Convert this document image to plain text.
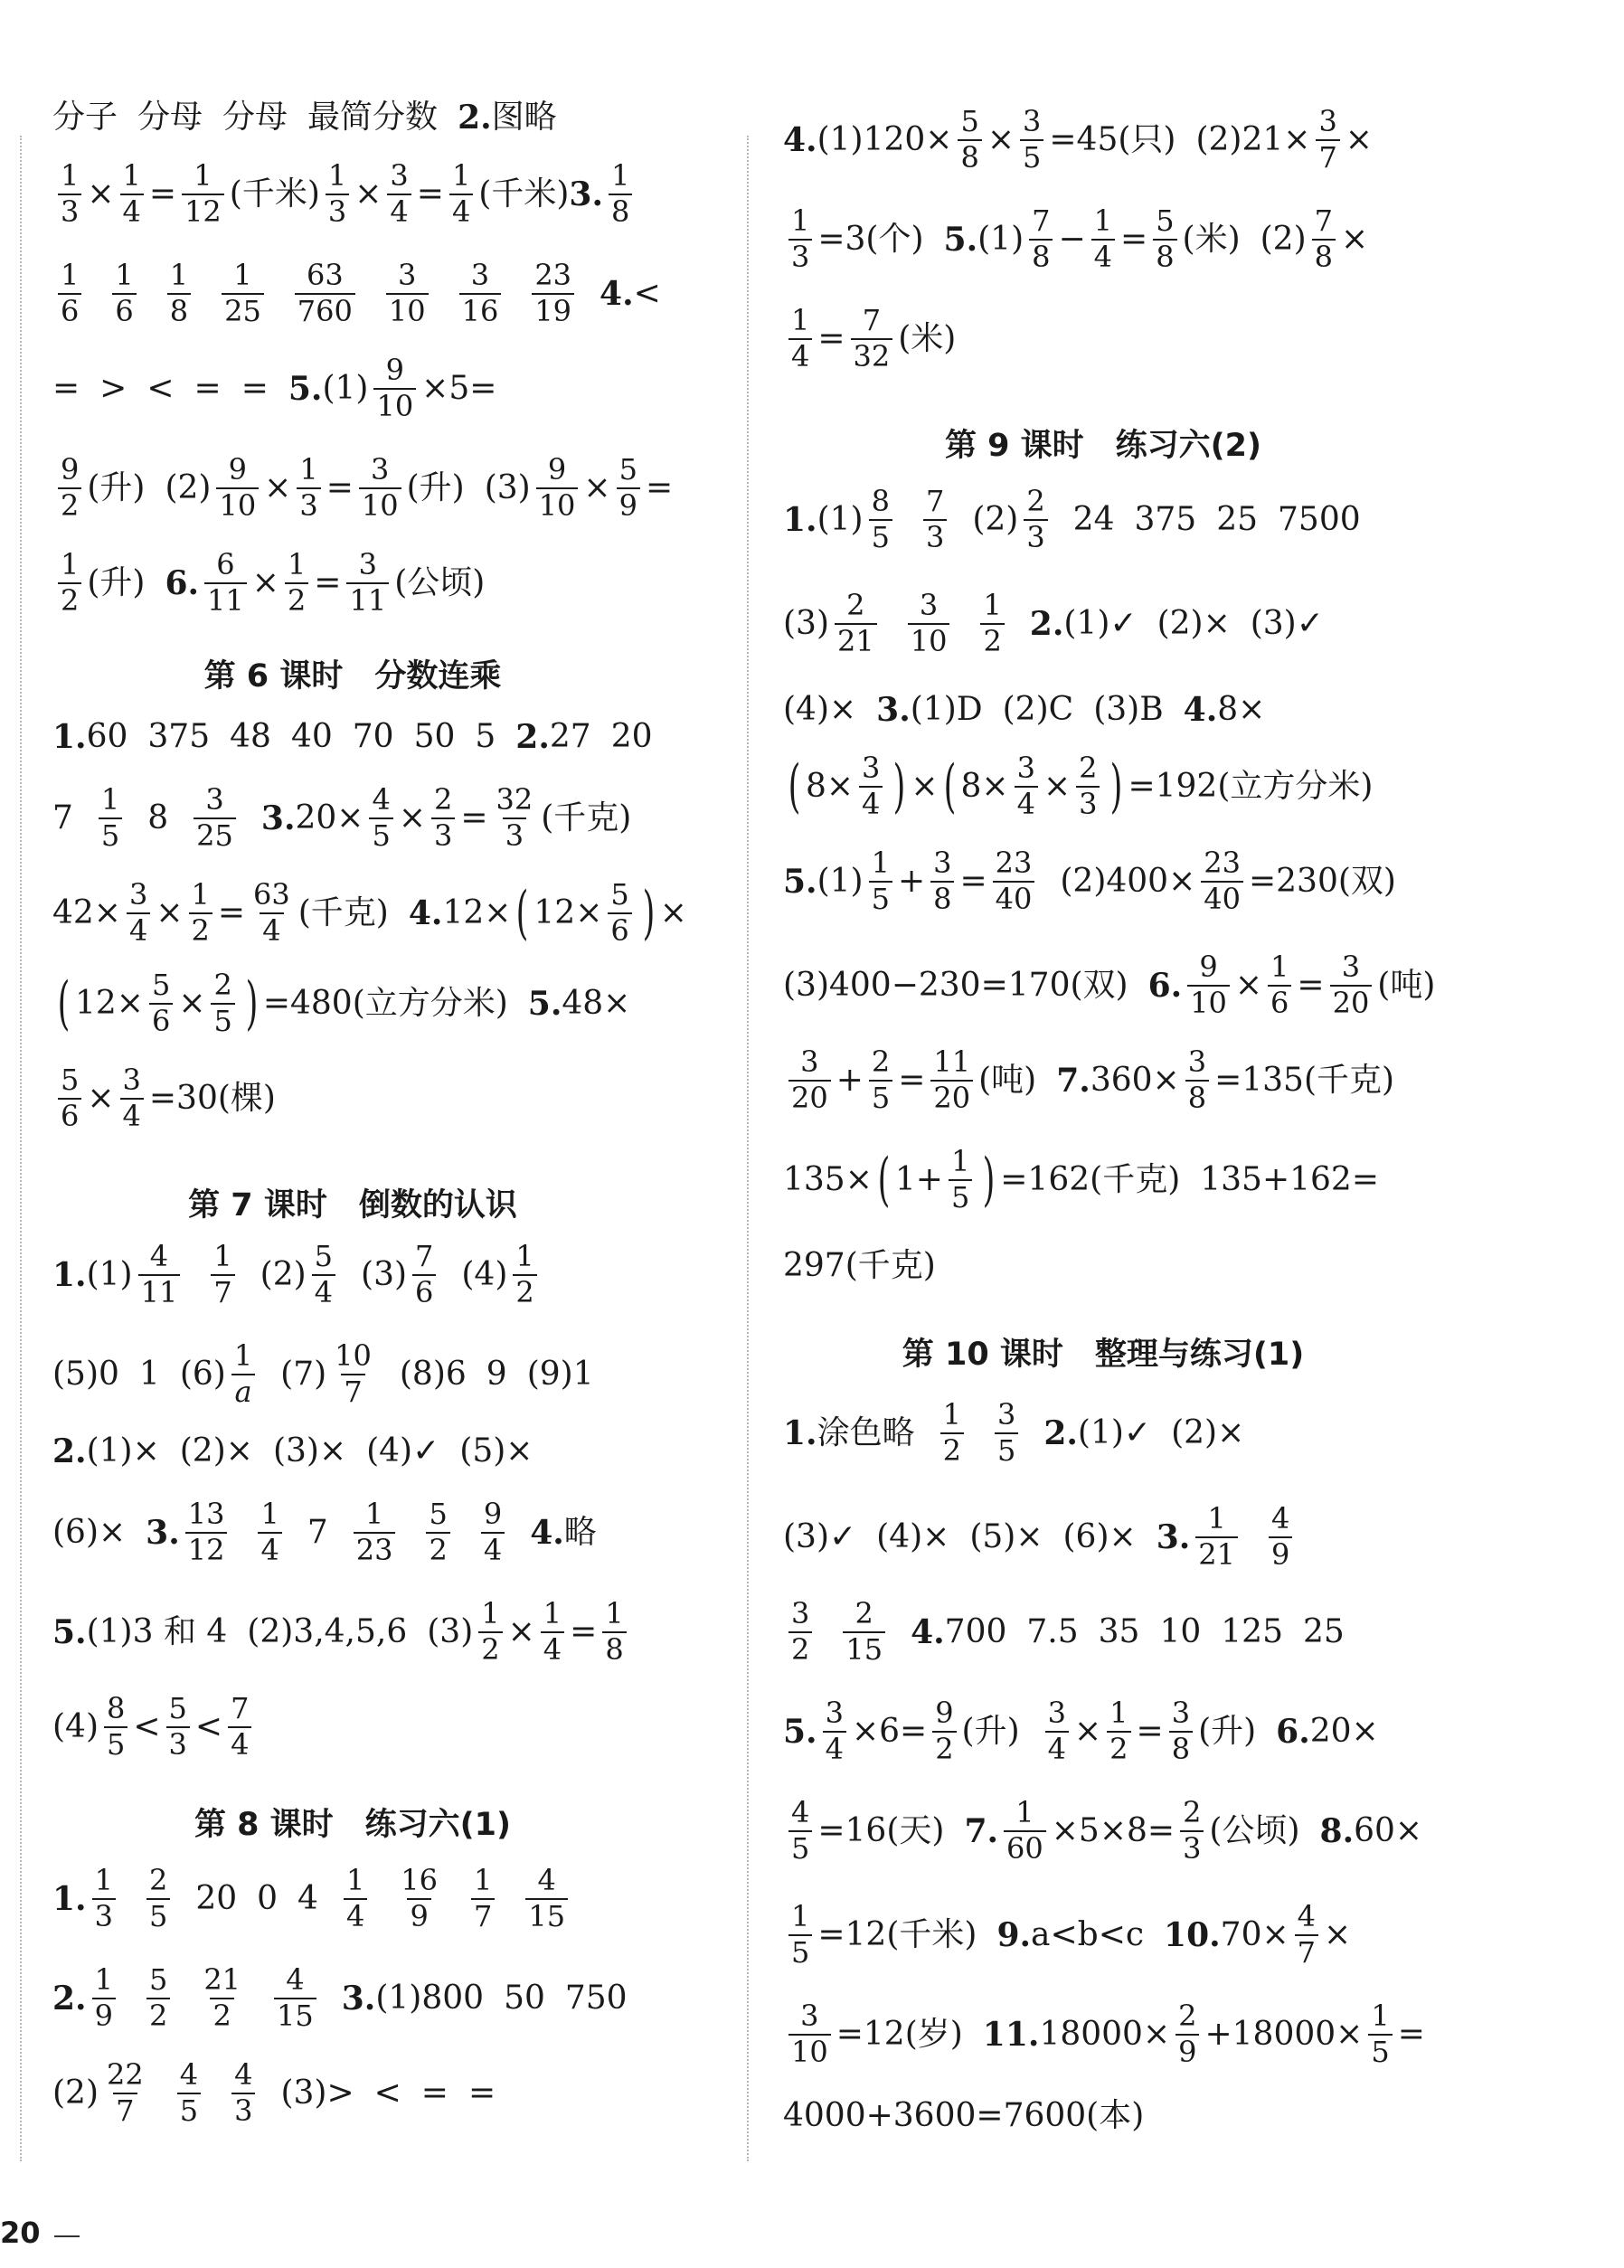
分子 分母 分母 最简分数 2. 图略
$\frac{1}{3} \times \frac{1}{4} = \frac{1}{12}$ (千米) $\frac{1}{3} \times \frac{3}{4} = \frac{1}{4}$ (千米) 3. $\frac{1}{8}$
$\frac{1}{6} \frac{1}{6} \frac{1}{8} \frac{1}{25} \frac{63}{760} \frac{3}{10} \frac{3}{16} \frac{23}{19} 4$. <
= > < = = 5. $(1) \frac{9}{10} \times 5=$
$\frac{9}{2}$ (升) $(2) \frac{9}{10} \times \frac{1}{3} = \frac{3}{10}$ (升) $(3) \frac{9}{10} \times \frac{5}{9}$ =
$\frac{1}{2}$ (升) 6. $\frac{6}{11} \times \frac{1}{2} = \frac{3}{11}$ (公顷)
1. 60 375 48 40 70 50 5 2. 27 20
$7 \frac{1}{5} 8 \frac{3}{25} 3$. $20\times \frac{4}{5} \times \frac{2}{3} = \frac{32}{3}$ (千克)
$42\times \frac{3}{4} \times \frac{1}{2} = \frac{63}{4}$ (千克) 4. 12× ( $12\times \frac{5}{6}$ ) ×
( $12\times \frac{5}{6} \times \frac{2}{5}$ ) =480(立方分米) 5. 48×
$\frac{5}{6} \times \frac{3}{4} =30$(棵)
1. $(1) \frac{4}{11} \frac{1}{7} (2) \frac{5}{4} (3) \frac{7}{6} (4) \frac{1}{2}$
(5) 0 1 $(6) \frac{1}{a} (7) \frac{10}{7} (8)$ 6 9 (9) 1
2. (1) × (2) × (3) × (4) ✓ (5) ×
(6) × 3. $\frac{13}{12} \frac{1}{4} 7 \frac{1}{23} \frac{5}{2} \frac{9}{4} 4$. 略
5. (1) 3 和 4 (2) 3,4,5,6 $(3) \frac{1}{2} \times \frac{1}{4} = \frac{1}{8}$
$(4) \frac{8}{5} < \frac{5}{3} < \frac{7}{4}$
1. $\frac{1}{3} \frac{2}{5} 20$ 0 $4 \frac{1}{4} \frac{16}{9} \frac{1}{7} \frac{4}{15}$
2. $\frac{1}{9} \frac{5}{2} \frac{21}{2} \frac{4}{15} 3$. (1) 800 50 750
$(2) \frac{22}{7} \frac{4}{5} \frac{4}{3} (3)$ > < = =
4. (1) $120\times \frac{5}{8} \times \frac{3}{5} =45$(只) (2) $21\times \frac{3}{7}$ ×
$\frac{1}{3} =3$(个) 5. $(1) \frac{7}{8} - \frac{1}{4} = \frac{5}{8}$ (米) $(2) \frac{7}{8}$ ×
$\frac{1}{4} = \frac{7}{32}$ (米)
1. $(1) \frac{8}{5} \frac{7}{3} (2) \frac{2}{3} 24$ 375 25 7500
$(3) \frac{2}{21} \frac{3}{10} \frac{1}{2} 2$. (1) ✓ (2) × (3) ✓
(4) × 3. (1) D (2) C (3) B 4. 8×
( $8\times \frac{3}{4}$ ) × ( $8\times \frac{3}{4} \times \frac{2}{3}$ ) =192(立方分米)
5. $(1) \frac{1}{5} + \frac{3}{8} = \frac{23}{40} (2)$ $400\times \frac{23}{40} =230$(双)
(3) 400−230=170(双) 6. $\frac{9}{10} \times \frac{1}{6} = \frac{3}{20}$ (吨)
$\frac{3}{20} + \frac{2}{5} = \frac{11}{20}$ (吨) 7. $360\times \frac{3}{8} =135$(千克)
135× ( $1+ \frac{1}{5}$ ) =162(千克) 135+162=
297(千克)
1. 涂色略 $\frac{1}{2} \frac{3}{5} 2$. (1) ✓ (2) ×
(3) ✓ (4) × (5) × (6) × 3. $\frac{1}{21} \frac{4}{9}$
$\frac{3}{2} \frac{2}{15} 4$. 700 7.5 35 10 125 25
5. $\frac{3}{4} \times 6= \frac{9}{2}$ (升) $\frac{3}{4} \times \frac{1}{2} = \frac{3}{8}$ (升) 6. 20×
$\frac{4}{5} =16$(天) 7. $\frac{1}{60} \times 5\times 8= \frac{2}{3}$ (公顷) 8. 60×
$\frac{1}{5} =12$(千米) 9. a<b<c 10. $70\times \frac{4}{7}$ ×
$\frac{3}{10} =12$(岁) 11. $18000\times \frac{2}{9} +18000\times \frac{1}{5}$ =
4000+3600=7600(本)
第 6 课时　分数连乘
第 7 课时　倒数的认识
第 8 课时　练习六(1)
第 9 课时　练习六(2)
第 10 课时　整理与练习(1)
20
